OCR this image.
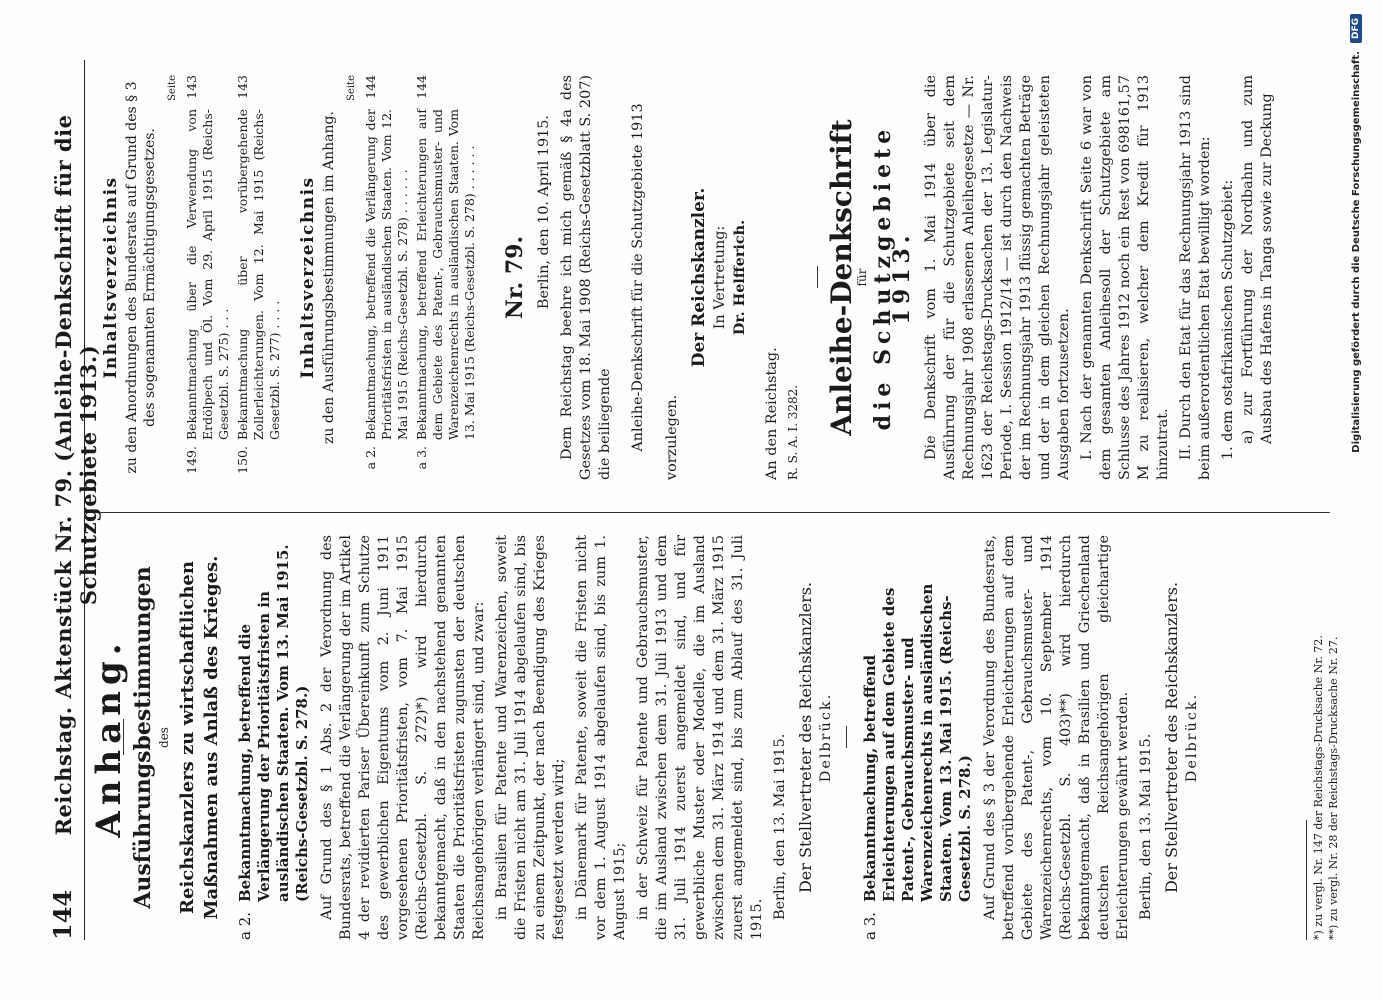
144
Reichstag. Aktenstück Nr. 79. (Anleihe-Denkschrift für die Schutzgebiete 1913.)
Anhang. Ausführungsbestimmungen des Reichskanzlers zu wirtschaftlichen Maßnahmen aus Anlaß des Krieges.
a 2.
Bekanntmachung, betreffend die Verlängerung der Prioritätsfristen in ausländischen Staaten. Vom 13. Mai 1915. (Reichs-Gesetzbl. S. 278.) Auf Grund des § 1 Abs. 2 der Verordnung des Bundesrats, betreffend die Verlängerung der im Artikel 4 der revidierten Pariser Übereinkunft zum Schutze des gewerblichen Eigentums vom 2. Juni 1911 vorgesehenen Prioritätsfristen, vom 7. Mai 1915 (Reichs-Gesetzbl. S. 272)*) wird hierdurch bekanntgemacht, daß in den nachstehend genannten Staaten die Prioritätsfristen zugunsten der deutschen Reichsangehörigen verlängert sind, und zwar: in Brasilien für Patente und Warenzeichen, soweit die Fristen nicht am 31. Juli 1914 abgelaufen sind, bis zu einem Zeitpunkt, der nach Beendigung des Krieges festgesetzt werden wird; in Dänemark für Patente, soweit die Fristen nicht vor dem 1. August 1914 abgelaufen sind, bis zum 1. August 1915; in der Schweiz für Patente und Gebrauchsmuster, die im Ausland zwischen dem 31. Juli 1913 und dem 31. Juli 1914 zuerst angemeldet sind, und für gewerbliche Muster oder Modelle, die im Ausland zwischen dem 31. März 1914 und dem 31. März 1915 zuerst angemeldet sind, bis zum Ablauf des 31. Juli 1915. Berlin, den 13. Mai 1915. Der Stellvertreter des Reichskanzlers. Delbrück.

a 3.
Bekanntmachung, betreffend Erleichterungen auf dem Gebiete des Patent-, Gebrauchsmuster- und Warenzeichenrechts in ausländischen Staaten. Vom 13. Mai 1915. (Reichs-Gesetzbl. S. 278.) Auf Grund des § 3 der Verordnung des Bundesrats, betreffend vorübergehende Erleichterungen auf dem Gebiete des Patent-, Gebrauchsmuster- und Warenzeichenrechts, vom 10. September 1914 (Reichs-Gesetzbl. S. 403)**) wird hierdurch bekanntgemacht, daß in Brasilien und Griechenland deutschen Reichsangehörigen gleichartige Erleichterungen gewährt werden. Berlin, den 13. Mai 1915. Der Stellvertreter des Reichskanzlers. Delbrück.	*) zu vergl. Nr. 147 der Reichstags-Drucksache Nr. 72. **) zu vergl. Nr. 28 der Reichstags-Drucksache Nr. 27.
Inhaltsverzeichnis zu den Anordnungen des Bundesrats auf Grund des § 3 des sogenannten Ermächtigungsgesetzes.
Seite
149.
Bekanntmachung über die Verwendung von Erdölpech und Öl. Vom 29. April 1915 (Reichs-Gesetzbl. S. 275) . . .
143
150.
Bekanntmachung über vorübergehende Zollerleichterungen. Vom 12. Mai 1915 (Reichs-Gesetzbl. S. 277) . . . .
143
Inhaltsverzeichnis zu den Ausführungsbestimmungen im Anhang.
Seite
a 2.
Bekanntmachung, betreffend die Verlängerung der Prioritätsfristen in ausländischen Staaten. Vom 12. Mai 1915 (Reichs-Gesetzbl. S. 278) . . . . . .
144
a 3.
Bekanntmachung, betreffend Erleichterungen auf dem Gebiete des Patent-, Gebrauchsmuster- und Warenzeichenrechts in ausländischen Staaten. Vom 13. Mai 1915 (Reichs-Gesetzbl. S. 278) . . . . . .
144
Nr. 79. Berlin, den 10. April 1915. Dem Reichstag beehre ich mich gemäß § 4a des Gesetzes vom 18. Mai 1908 (Reichs-Gesetzblatt S. 207) die beiliegende Anleihe-Denkschrift für die Schutzgebiete 1913 vorzulegen.

Der Reichskanzler. In Vertretung: Dr. Helfferich.

An den Reichstag. R. S. A. I. 3282. Anleihe-Denkschrift
für die Schutzgebiete 1913. Die Denkschrift vom 1. Mai 1914 über die Ausführung der für die Schutzgebiete seit dem Rechnungsjahr 1908 erlassenen Anleihegesetze — Nr. 1623 der Reichstags-Drucksachen der 13. Legislatur-Periode, I. Session 1912/14 — ist durch den Nachweis der im Rechnungsjahr 1913 flüssig gemachten Beträge und der in dem gleichen Rechnungsjahr geleisteten Ausgaben fortzusetzen. I. Nach der genannten Denkschrift Seite 6 war von dem gesamten Anleihesoll der Schutzgebiete am Schlusse des Jahres 1912 noch ein Rest von 698161,57 M zu realisieren, welcher dem Kredit für 1913 hinzutrat. II. Durch den Etat für das Rechnungsjahr 1913 sind beim außerordentlichen Etat bewilligt worden: 1. dem ostafrikanischen Schutzgebiet: a) zur Fortführung der Nordbahn und zum Ausbau des Hafens in Tanga sowie zur Deckung	Digitalisierung gefördert durch die Deutsche Forschungsgemeinschaft.
DFG
